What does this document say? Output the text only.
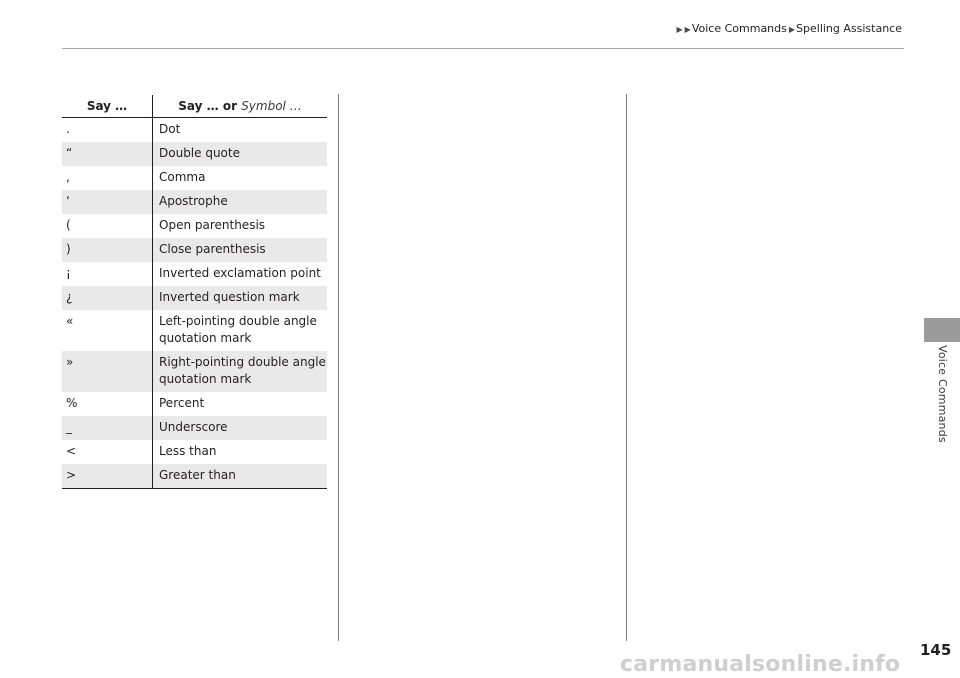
▶ ▶Voice Commands ▶Spelling Assistance
Say …	Say … or Symbol …
.	Dot
“	Double quote
,	Comma
‘	Apostrophe
(	Open parenthesis
)	Close parenthesis
¡	Inverted exclamation point
¿	Inverted question mark
«	Left-pointing double angle quotation mark
»	Right-pointing double angle quotation mark
%	Percent
_	Underscore
<	Less than
>	Greater than
Voice Commands
145
carmanualsonline.info
